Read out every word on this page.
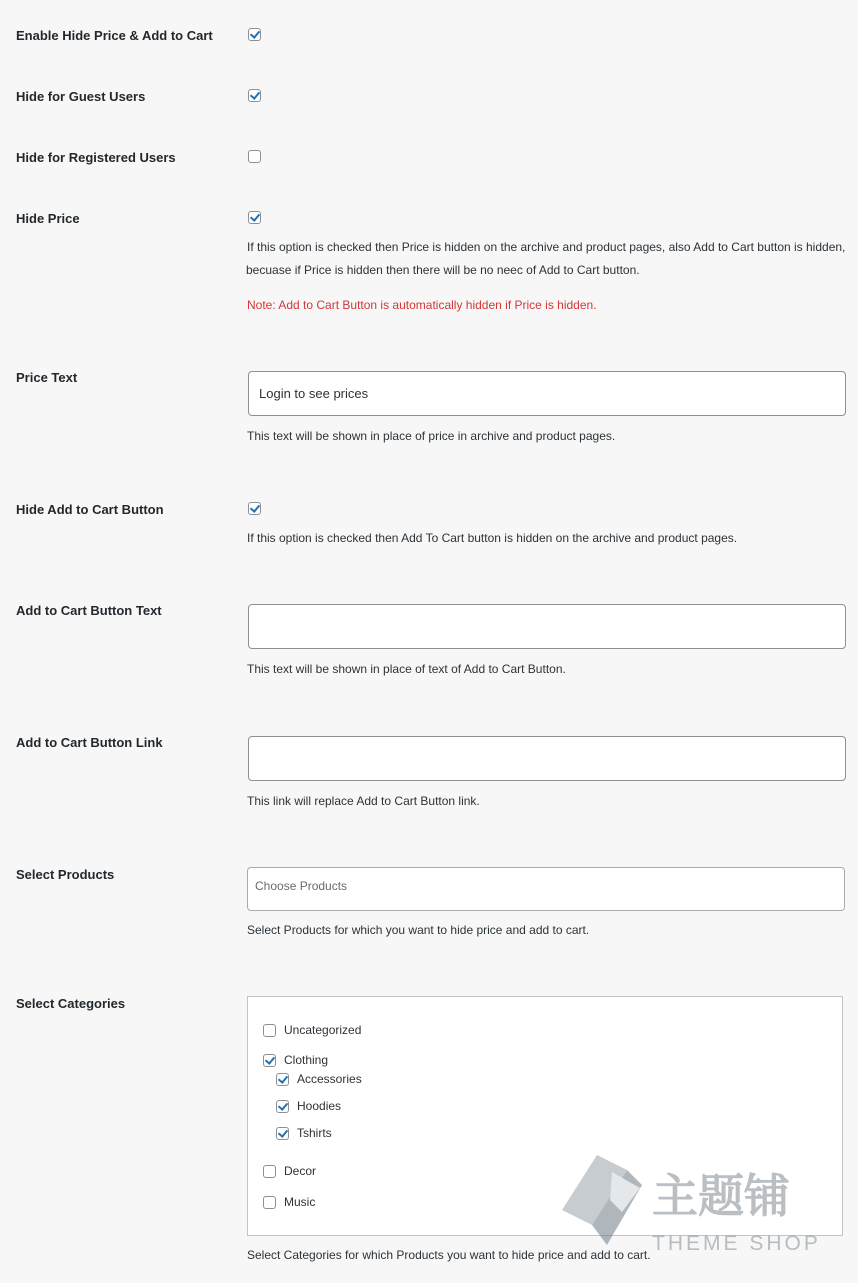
Enable Hide Price & Add to Cart
Hide for Guest Users
Hide for Registered Users
Hide Price
If this option is checked then Price is hidden on the archive and product pages, also Add to Cart button is hidden,
becuase if Price is hidden then there will be no neec of Add to Cart button.
Note: Add to Cart Button is automatically hidden if Price is hidden.
Price Text
Login to see prices
This text will be shown in place of price in archive and product pages.
Hide Add to Cart Button
If this option is checked then Add To Cart button is hidden on the archive and product pages.
Add to Cart Button Text
This text will be shown in place of text of Add to Cart Button.
Add to Cart Button Link
This link will replace Add to Cart Button link.
Select Products
Choose Products
Select Products for which you want to hide price and add to cart.
Select Categories
Uncategorized
Clothing
Accessories
Hoodies
Tshirts
Decor
Music
Select Categories for which Products you want to hide price and add to cart.
主题铺
THEME SHOP
